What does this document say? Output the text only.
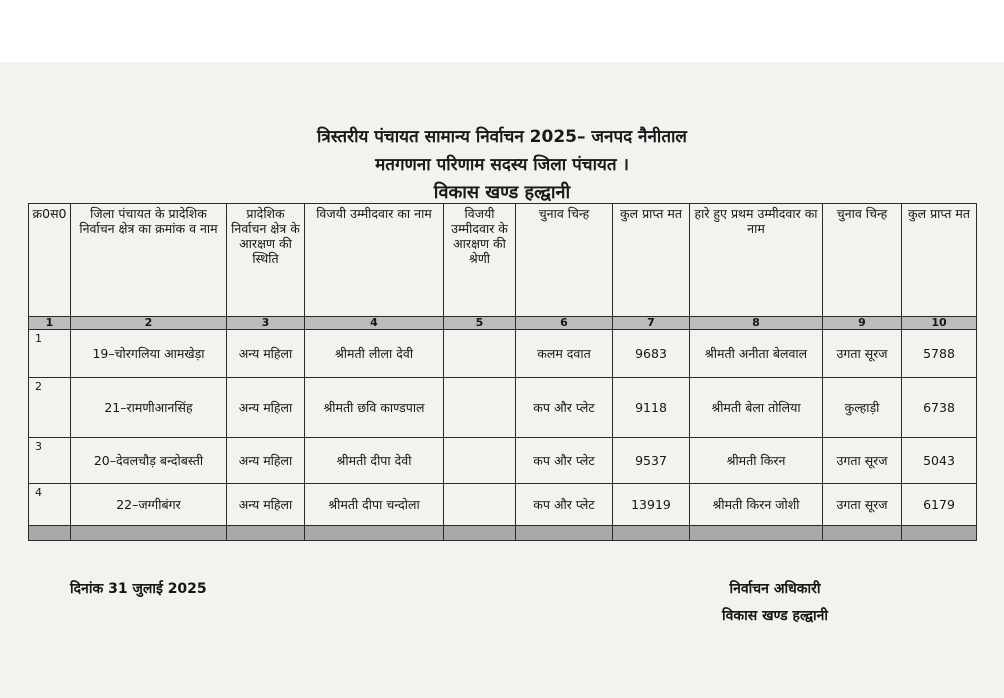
त्रिस्तरीय पंचायत सामान्य निर्वाचन 2025– जनपद नैनीताल
मतगणना परिणाम सदस्य जिला पंचायत ।
विकास खण्ड हल्द्वानी
क्र0स0	जिला पंचायत के प्रादेशिक निर्वाचन क्षेत्र का क्रमांक व नाम	प्रादेशिक निर्वाचन क्षेत्र के आरक्षण की स्थिति	विजयी उम्मीदवार का नाम	विजयी उम्मीदवार के आरक्षण की श्रेणी	चुनाव चिन्ह	कुल प्राप्त मत	हारे हुए प्रथम उम्मीदवार का नाम	चुनाव चिन्ह	कुल प्राप्त मत
1	2	3	4	5	6	7	8	9	10
1	19–चोरगलिया आमखेड़ा	अन्य महिला	श्रीमती लीला देवी		कलम दवात	9683	श्रीमती अनीता बेलवाल	उगता सूरज	5788
2	21–रामणीआनसिंह	अन्य महिला	श्रीमती छवि काण्डपाल		कप और प्लेट	9118	श्रीमती बेला तोलिया	कुल्हाड़ी	6738
3	20–देवलचौड़ बन्दोबस्ती	अन्य महिला	श्रीमती दीपा देवी		कप और प्लेट	9537	श्रीमती किरन	उगता सूरज	5043
4	22–जग्गीबंगर	अन्य महिला	श्रीमती दीपा चन्दोला		कप और प्लेट	13919	श्रीमती किरन जोशी	उगता सूरज	6179

दिनांक 31 जुलाई 2025	निर्वाचन अधिकारी
विकास खण्ड हल्द्वानी
